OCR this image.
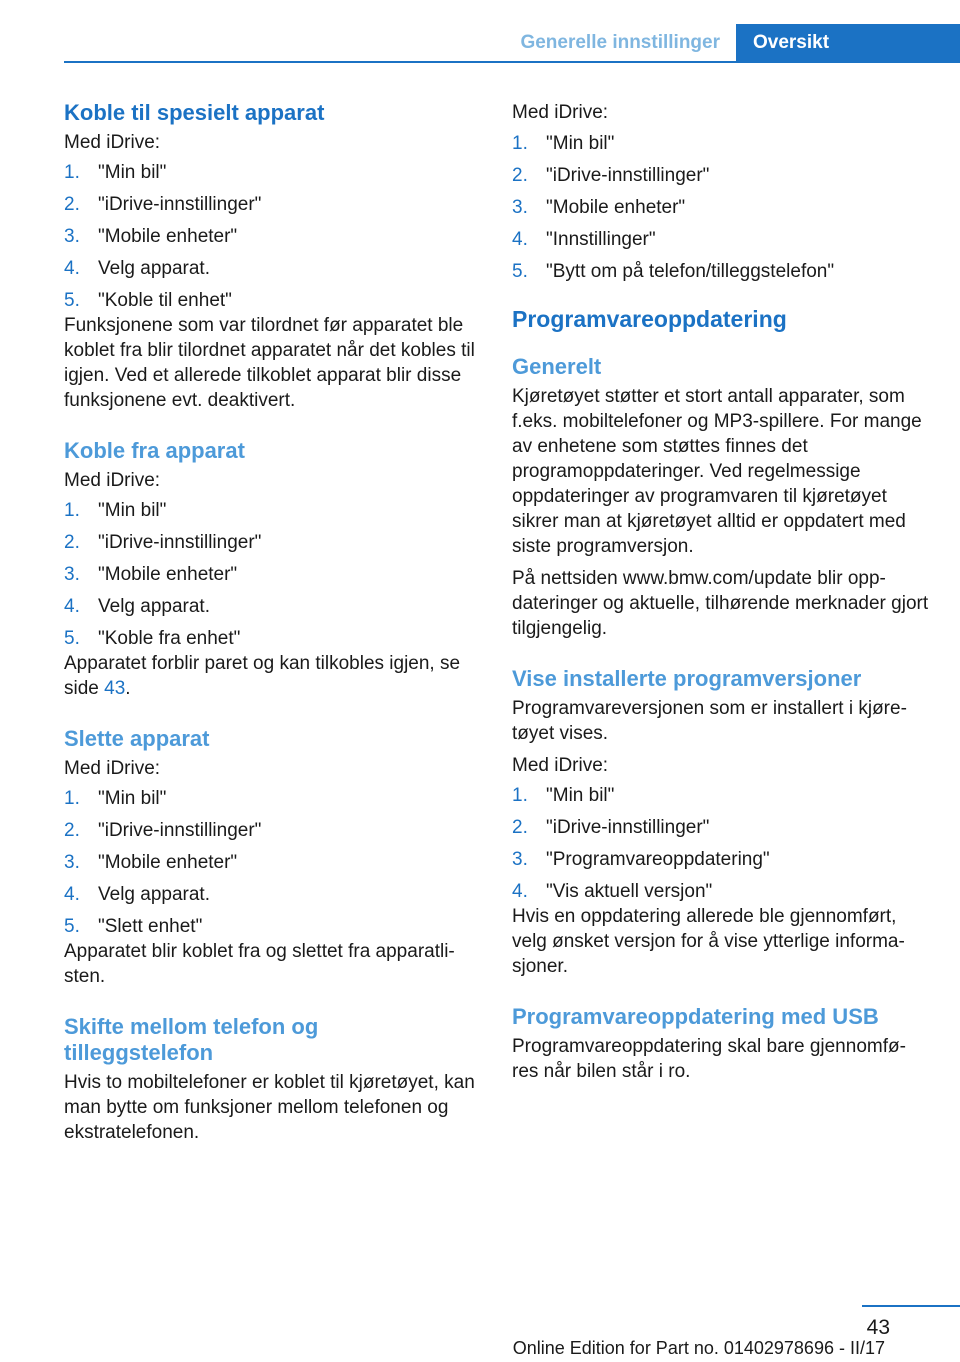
Generelle innstillinger	Oversikt
Koble til spesielt apparat

Med iDrive:

1. "Min bil"
2. "iDrive-innstillinger"
3. "Mobile enheter"
4. Velg apparat.
5. "Koble til enhet"

Funksjonene som var tilordnet før apparatet ble koblet fra blir tilordnet apparatet når det kobles til igjen. Ved et allerede tilkoblet apparat blir disse funksjonene evt. deaktivert.

Koble fra apparat

Med iDrive:

1. "Min bil"
2. "iDrive-innstillinger"
3. "Mobile enheter"
4. Velg apparat.
5. "Koble fra enhet"

Apparatet forblir paret og kan tilkobles igjen, se side 43.

Slette apparat

Med iDrive:

1. "Min bil"
2. "iDrive-innstillinger"
3. "Mobile enheter"
4. Velg apparat.
5. "Slett enhet"

Apparatet blir koblet fra og slettet fra apparatli-sten.

Skifte mellom telefon og
tilleggstelefon

Hvis to mobiltelefoner er koblet til kjøretøyet, kan man bytte om funksjoner mellom telefonen og ekstratelefonen.

Med iDrive:

1. "Min bil"
2. "iDrive-innstillinger"
3. "Mobile enheter"
4. "Innstillinger"
5. "Bytt om på telefon/tilleggstelefon"
Programvareoppdatering
Generelt

Kjøretøyet støtter et stort antall apparater, som f.eks. mobiltelefoner og MP3-spillere. For mange av enhetene som støttes finnes det programoppdateringer. Ved regelmessige oppdateringer av programvaren til kjøretøyet sikrer man at kjøretøyet alltid er oppdatert med siste programversjon.

På nettsiden www.bmw.com/update blir opp-dateringer og aktuelle, tilhørende merknader gjort tilgjengelig.

Vise installerte programversjoner

Programvareversjonen som er installert i kjøre-tøyet vises.

Med iDrive:

1. "Min bil"
2. "iDrive-innstillinger"
3. "Programvareoppdatering"
4. "Vis aktuell versjon"

Hvis en oppdatering allerede ble gjennomført, velg ønsket versjon for å vise ytterlige informa-sjoner.

Programvareoppdatering med USB

Programvareoppdatering skal bare gjennomfø-res når bilen står i ro.

43
Online Edition for Part no. 01402978696 - II/17
